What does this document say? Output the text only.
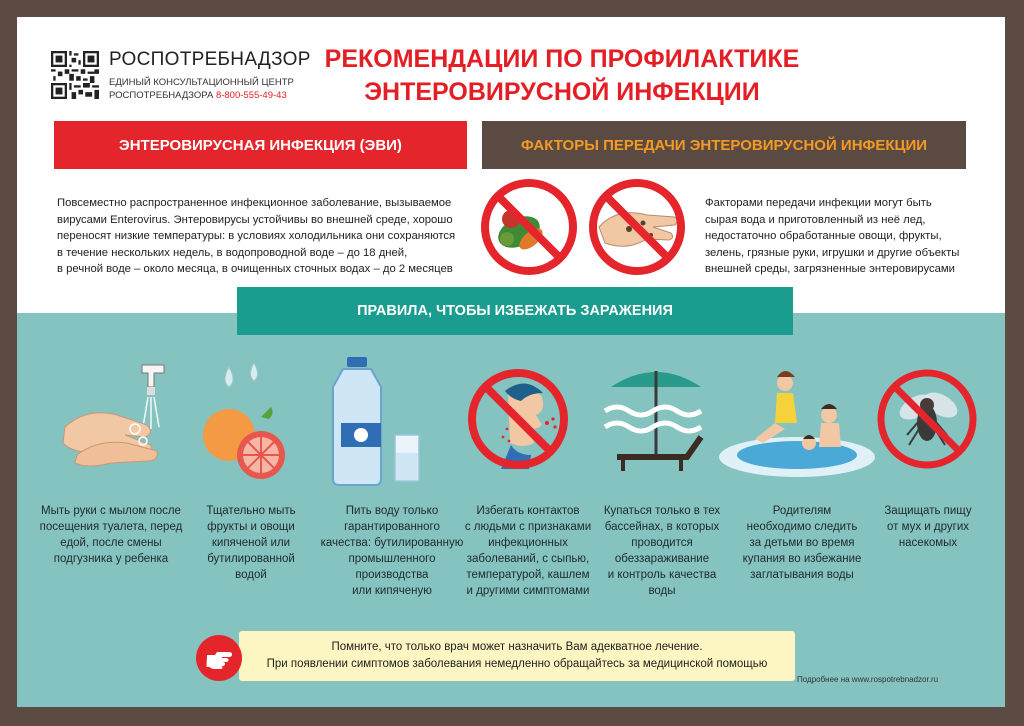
РОСПОТРЕБНАДЗОР
ЕДИНЫЙ КОНСУЛЬТАЦИОННЫЙ ЦЕНТР
РОСПОТРЕБНАДЗОРА 8-800-555-49-43
РЕКОМЕНДАЦИИ ПО ПРОФИЛАКТИКЕ
ЭНТЕРОВИРУСНОЙ ИНФЕКЦИИ
ЭНТЕРОВИРУСНАЯ ИНФЕКЦИЯ (ЭВИ)	ФАКТОРЫ ПЕРЕДАЧИ ЭНТЕРОВИРУСНОЙ ИНФЕКЦИИ
Повсеместно распространенное инфекционное заболевание, вызываемое
вирусами Enterovirus. Энтеровирусы устойчивы во внешней среде, хорошо
переносят низкие температуры: в условиях холодильника они сохраняются
в течение нескольких недель, в водопроводной воде – до 18 дней,
в речной воде – около месяца, в очищенных сточных водах – до 2 месяцев
Факторами передачи инфекции могут быть
сырая вода и приготовленный из неё лед,
недостаточно обработанные овощи, фрукты,
зелень, грязные руки, игрушки и другие объекты
внешней среды, загрязненные энтеровирусами
ПРАВИЛА, ЧТОБЫ ИЗБЕЖАТЬ ЗАРАЖЕНИЯ
Мыть руки с мылом после
посещения туалета, перед
едой, после смены
подгузника у ребенка
Тщательно мыть
фрукты и овощи
кипяченой или
бутилированной
водой
Пить воду только
гарантированного
качества: бутилированную
промышленного
производства
или кипяченую
Избегать контактов
с людьми с признаками
инфекционных
заболеваний, с сыпью,
температурой, кашлем
и другими симптомами
Купаться только в тех
бассейнах, в которых
проводится
обеззараживание
и контроль качества
воды
Родителям
необходимо следить
за детьми во время
купания во избежание
заглатывания воды
Защищать пищу
от мух и других
насекомых
Помните, что только врач может назначить Вам адекватное лечение.
При появлении симптомов заболевания немедленно обращайтесь за медицинской помощью
Подробнее на www.rospotrebnadzor.ru
